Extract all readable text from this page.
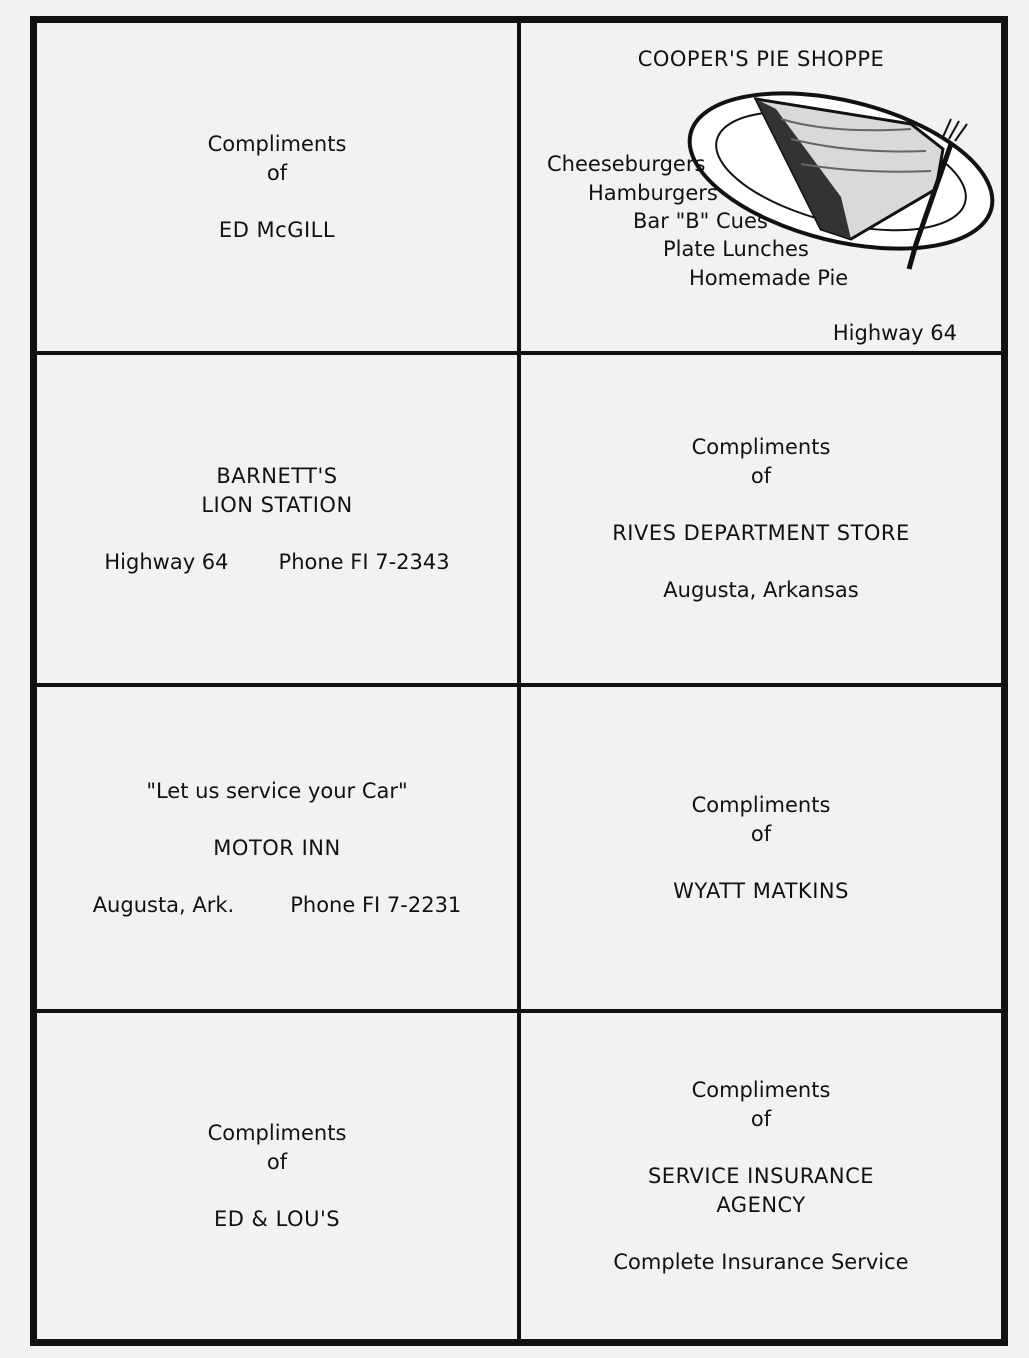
Compliments
of
ED McGILL
COOPER'S PIE SHOPPE
Cheeseburgers
Hamburgers
Bar "B" Cues
Plate Lunches
Homemade Pie
Highway 64
BARNETT'S
LION STATION
Highway 64 Phone FI 7-2343
Compliments
of
RIVES DEPARTMENT STORE
Augusta, Arkansas
"Let us service your Car"
MOTOR INN
Augusta, Ark.	Phone FI 7-2231
Compliments
of
WYATT MATKINS
Compliments
of
ED & LOU'S
Compliments
of
SERVICE INSURANCE
AGENCY
Complete Insurance Service
